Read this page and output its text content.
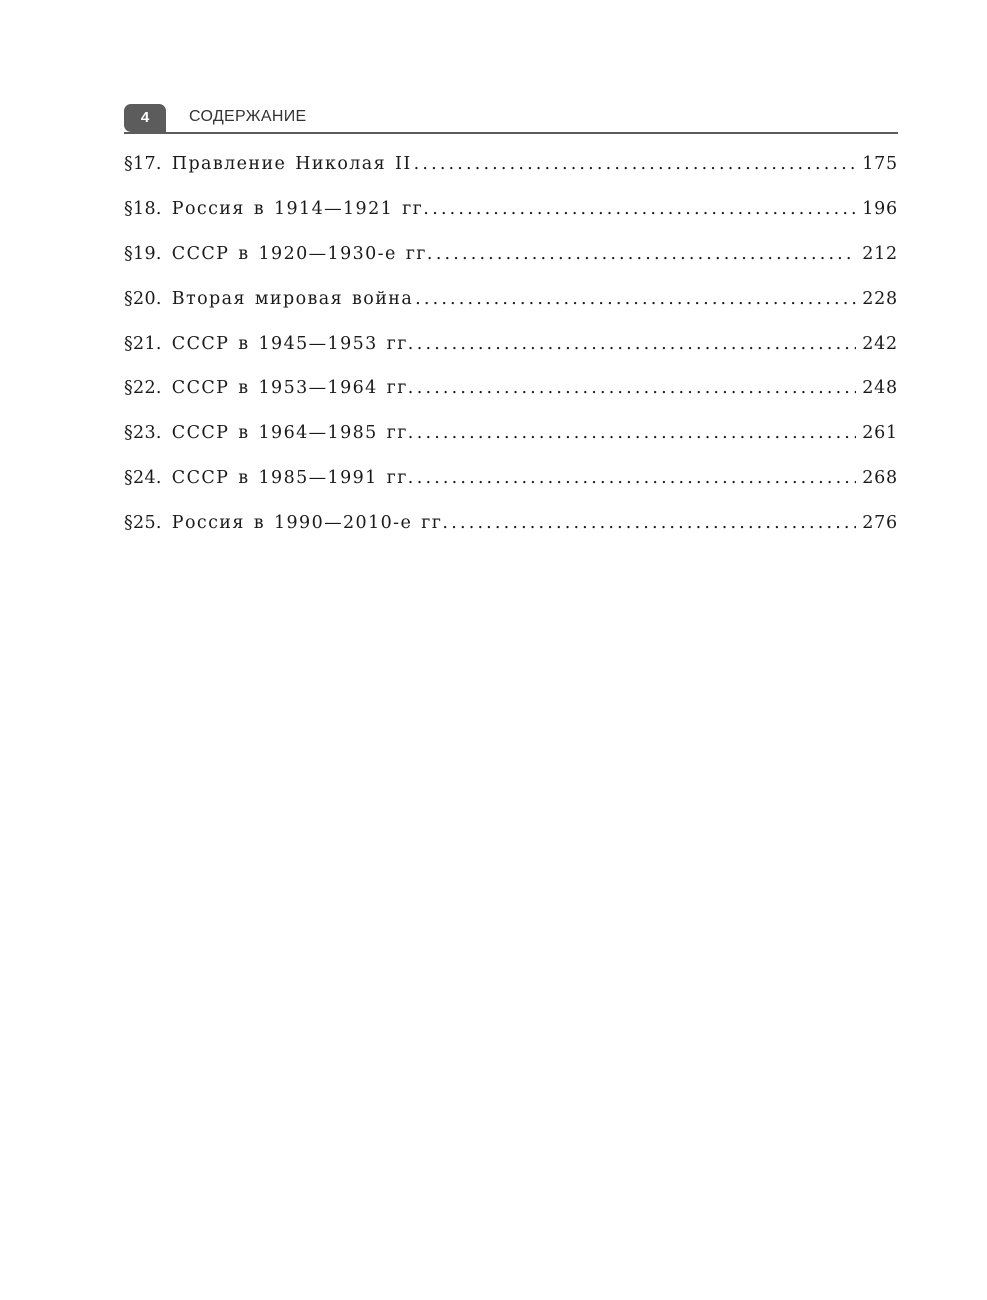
4	СОДЕРЖАНИЕ
§17. Правление Николая II . . .	175
§18. Россия в 1914—1921 гг. . . .	196
§19. СССР в 1920—1930-е гг. . . .	212
§20. Вторая мировая война . . .	228
§21. СССР в 1945—1953 гг. . . .	242
§22. СССР в 1953—1964 гг. . . .	248
§23. СССР в 1964—1985 гг. . . .	261
§24. СССР в 1985—1991 гг. . . .	268
§25. Россия в 1990—2010-е гг. . . .	276
